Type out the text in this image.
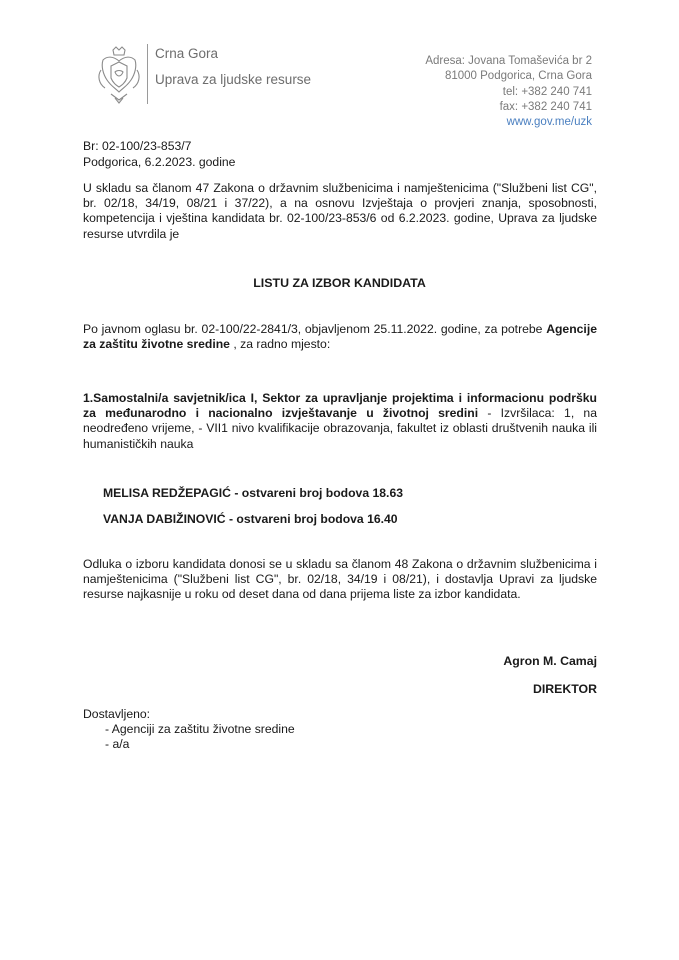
Crna Gora
Uprava za ljudske resurse
Adresa: Jovana Tomaševića br 2
81000 Podgorica, Crna Gora
tel: +382 240 741
fax: +382 240 741
www.gov.me/uzk
Br: 02-100/23-853/7
Podgorica, 6.2.2023. godine
U skladu sa članom 47 Zakona o državnim službenicima i namještenicima ("Službeni list CG", br. 02/18, 34/19, 08/21 i 37/22), a na osnovu Izvještaja o provjeri znanja, sposobnosti, kompetencija i vještina kandidata br. 02-100/23-853/6 od 6.2.2023. godine, Uprava za ljudske resurse utvrdila je
LISTU ZA IZBOR KANDIDATA
Po javnom oglasu br. 02-100/22-2841/3, objavljenom 25.11.2022. godine, za potrebe Agencije za zaštitu životne sredine , za radno mjesto:
1.Samostalni/a savjetnik/ica I, Sektor za upravljanje projektima i informacionu podršku za međunarodno i nacionalno izvještavanje u životnoj sredini - Izvršilaca: 1, na neodređeno vrijeme, - VII1 nivo kvalifikacije obrazovanja, fakultet iz oblasti društvenih nauka ili humanističkih nauka
MELISA REDŽEPAGIĆ - ostvareni broj bodova 18.63
VANJA DABIŽINOVIĆ - ostvareni broj bodova 16.40
Odluka o izboru kandidata donosi se u skladu sa članom 48 Zakona o državnim službenicima i namještenicima ("Službeni list CG", br. 02/18, 34/19 i 08/21), i dostavlja Upravi za ljudske resurse najkasnije u roku od deset dana od dana prijema liste za izbor kandidata.
Agron M. Camaj
DIREKTOR
Dostavljeno:
- Agenciji za zaštitu životne sredine
- a/a
